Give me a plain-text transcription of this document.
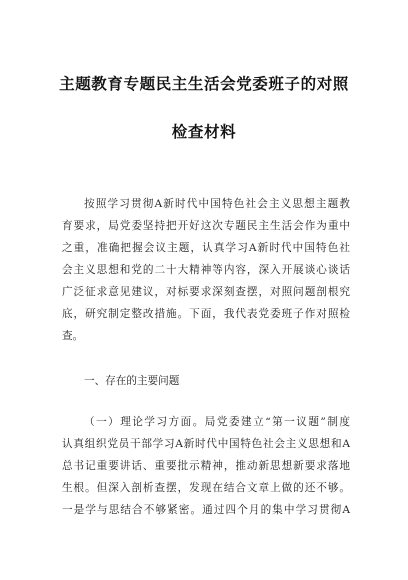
主题教育专题民主生活会党委班子的对照
检查材料
按照学习贯彻A新时代中国特色社会主义思想主题教
育要求，局党委坚持把开好这次专题民主生活会作为重中
之重，准确把握会议主题，认真学习A新时代中国特色社
会主义思想和党的二十大精神等内容，深入开展谈心谈话
广泛征求意见建议，对标要求深刻查摆，对照问题剖根究
底，研究制定整改措施。下面，我代表党委班子作对照检
查。
一、存在的主要问题
（一）理论学习方面。局党委建立“第一议题”制度
认真组织党员干部学习A新时代中国特色社会主义思想和A
总书记重要讲话、重要批示精神，推动新思想新要求落地
生根。但深入剖析查摆，发现在结合文章上做的还不够。
一是学与思结合不够紧密。通过四个月的集中学习贯彻A
